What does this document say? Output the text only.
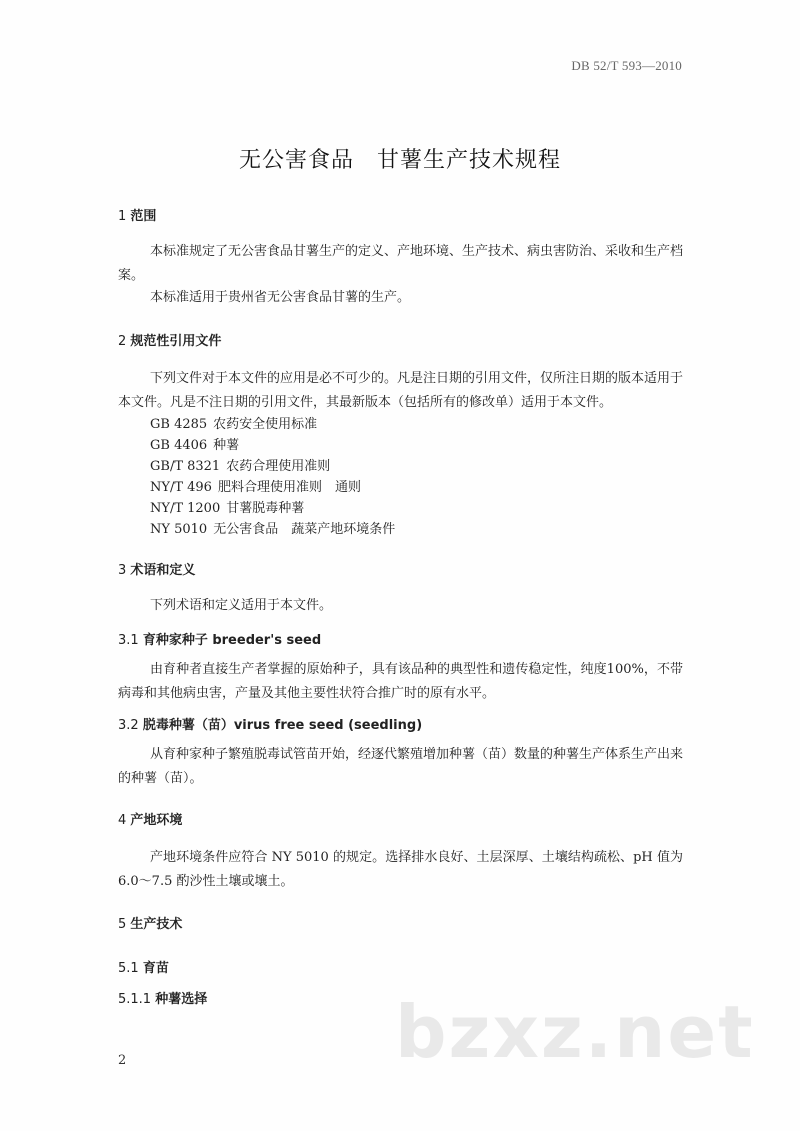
DB 52/T 593—2010
无公害食品　甘薯生产技术规程
1 范围
本标准规定了无公害食品甘薯生产的定义、产地环境、生产技术、病虫害防治、采收和生产档案。
本标准适用于贵州省无公害食品甘薯的生产。
2 规范性引用文件
下列文件对于本文件的应用是必不可少的。凡是注日期的引用文件，仅所注日期的版本适用于本文件。凡是不注日期的引用文件，其最新版本（包括所有的修改单）适用于本文件。
GB 4285 农药安全使用标准
GB 4406 种薯
GB/T 8321 农药合理使用准则
NY/T 496 肥料合理使用准则　通则
NY/T 1200 甘薯脱毒种薯
NY 5010 无公害食品　蔬菜产地环境条件
3 术语和定义
下列术语和定义适用于本文件。
3.1 育种家种子 breeder's seed
由育种者直接生产者掌握的原始种子，具有该品种的典型性和遗传稳定性，纯度100%，不带病毒和其他病虫害，产量及其他主要性状符合推广时的原有水平。
3.2 脱毒种薯（苗）virus free seed (seedling)
从育种家种子繁殖脱毒试管苗开始，经逐代繁殖增加种薯（苗）数量的种薯生产体系生产出来的种薯（苗）。
4 产地环境
产地环境条件应符合 NY 5010 的规定。选择排水良好、土层深厚、土壤结构疏松、pH 值为 6.0～7.5 酌沙性土壤或壤土。
5 生产技术
5.1 育苗
5.1.1 种薯选择	bzxz.net
2
